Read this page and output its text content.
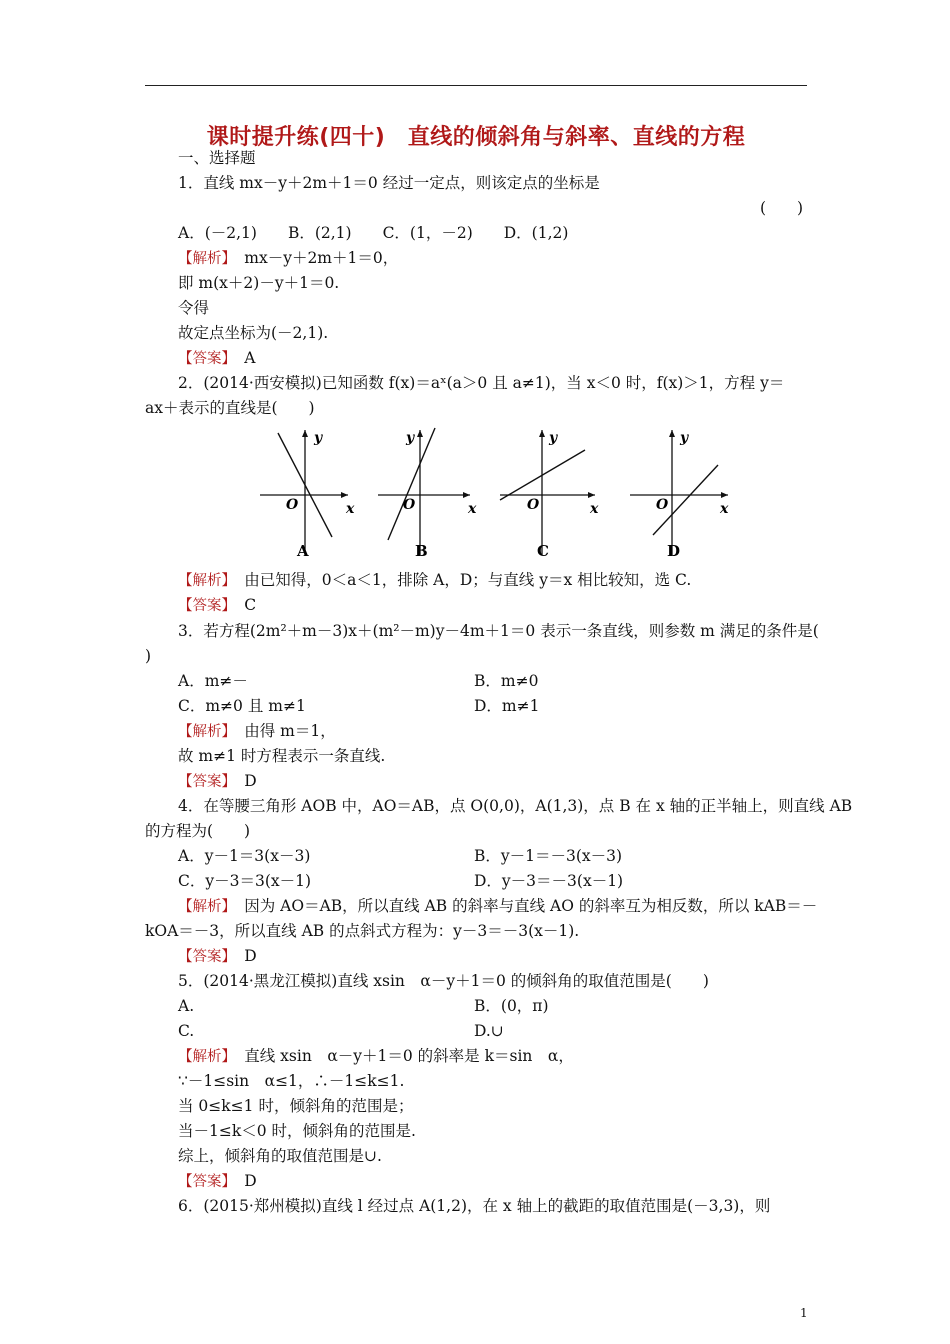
课时提升练(四十)　直线的倾斜角与斜率、直线的方程
一、选择题
1．直线 mx－y＋2m＋1＝0 经过一定点，则该定点的坐标是
(　　)
A．(－2,1)　　B．(2,1)　　C．(1，－2)　　D．(1,2)
【解析】　mx－y＋2m＋1＝0，
即 m(x＋2)－y＋1＝0.
令得
故定点坐标为(－2,1).
【答案】　A
2．(2014·西安模拟)已知函数 f(x)＝aˣ(a＞0 且 a≠1)，当 x＜0 时，f(x)＞1，方程 y＝
ax＋表示的直线是(　　)
y
x
O
A
y
x
O
B
y
x
O
C
y
x
O
D
【解析】　由已知得，0＜a＜1，排除 A，D；与直线 y＝x 相比较知，选 C.
【答案】　C
3．若方程(2m²＋m－3)x＋(m²－m)y－4m＋1＝0 表示一条直线，则参数 m 满足的条件是(
)
A．m≠－	B．m≠0
C．m≠0 且 m≠1	D．m≠1
【解析】　由得 m＝1，
故 m≠1 时方程表示一条直线.
【答案】　D
4．在等腰三角形 AOB 中，AO＝AB，点 O(0,0)，A(1,3)，点 B 在 x 轴的正半轴上，则直线 AB
的方程为(　　)
A．y－1＝3(x－3)	B．y－1＝－3(x－3)
C．y－3＝3(x－1)	D．y－3＝－3(x－1)
【解析】　因为 AO＝AB，所以直线 AB 的斜率与直线 AO 的斜率互为相反数，所以 kAB＝－
kOA＝－3，所以直线 AB 的点斜式方程为：y－3＝－3(x－1).
【答案】　D
5．(2014·黑龙江模拟)直线 xsin　α－y＋1＝0 的倾斜角的取值范围是(　　)
A.	B．(0，π)
C.	D.∪
【解析】　直线 xsin　α－y＋1＝0 的斜率是 k＝sin　α，
∵－1≤sin　α≤1，∴－1≤k≤1.
当 0≤k≤1 时，倾斜角的范围是；
当－1≤k＜0 时，倾斜角的范围是.
综上，倾斜角的取值范围是∪.
【答案】　D
6．(2015·郑州模拟)直线 l 经过点 A(1,2)，在 x 轴上的截距的取值范围是(－3,3)，则
1
